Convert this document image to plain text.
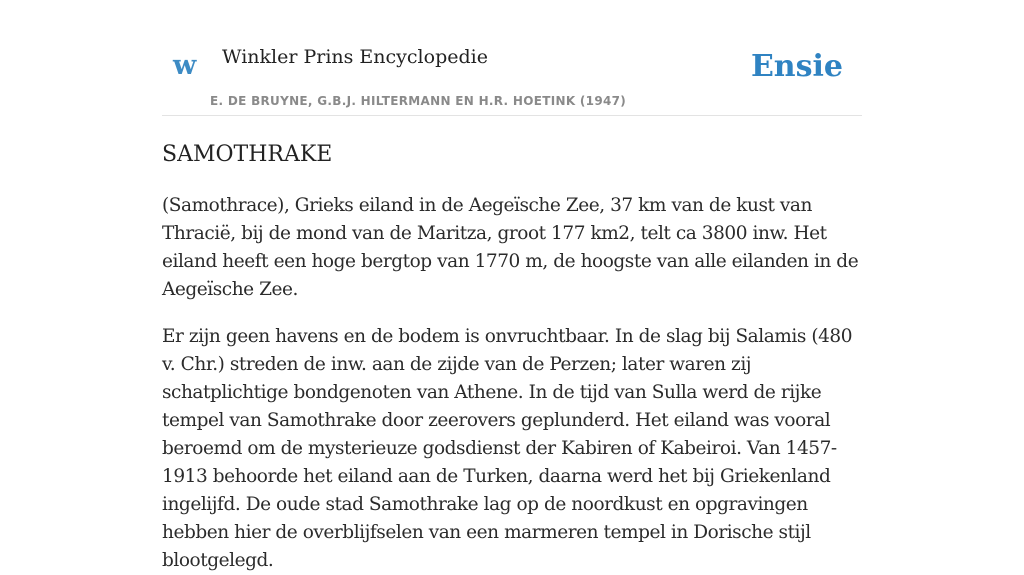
w Winkler Prins Encyclopedie
E. DE BRUYNE, G.B.J. HILTERMANN EN H.R. HOETINK (1947)
Ensie
SAMOTHRAKE

(Samothrace), Grieks eiland in de Aegeïsche Zee, 37 km van de kust van Thracië, bij de mond van de Maritza, groot 177 km2, telt ca 3800 inw. Het eiland heeft een hoge bergtop van 1770 m, de hoogste van alle eilanden in de Aegeïsche Zee.

Er zijn geen havens en de bodem is onvruchtbaar. In de slag bij Salamis (480 v. Chr.) streden de inw. aan de zijde van de Perzen; later waren zij schatplichtige bondgenoten van Athene. In de tijd van Sulla werd de rijke tempel van Samothrake door zeerovers geplunderd. Het eiland was vooral beroemd om de mysterieuze godsdienst der Kabiren of Kabeiroi. Van 1457-1913 behoorde het eiland aan de Turken, daarna werd het bij Griekenland ingelijfd. De oude stad Samothrake lag op de noordkust en opgravingen hebben hier de overblijfselen van een marmeren tempel in Dorische stijl blootgelegd.
